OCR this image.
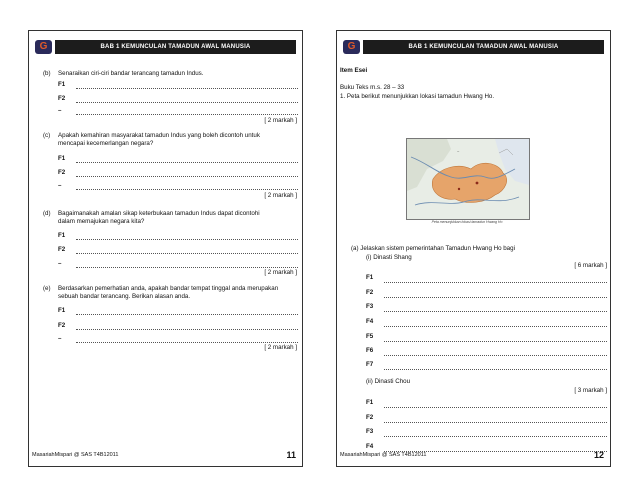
G	BAB 1 KEMUNCULAN TAMADUN AWAL MANUSIA
(b) Senaraikan ciri-ciri bandar terancang tamadun Indus.
F1
F2
–
[ 2 markah ]
(c) Apakah kemahiran masyarakat tamadun Indus yang boleh dicontoh untuk mencapai kecemerlangan negara?
F1
F2
–
[ 2 markah ]
(d) Bagaimanakah amalan sikap keterbukaan tamadun Indus dapat dicontohi dalam memajukan negara kita?
F1
F2
–
[ 2 markah ]
(e) Berdasarkan pemerhatian anda, apakah bandar tempat tinggal anda merupakan sebuah bandar terancang. Berikan alasan anda.
F1
F2
–
[ 2 markah ]
MasariahMispari @ SAS T4B12011	11
G	BAB 1 KEMUNCULAN TAMADUN AWAL MANUSIA
Item Esei
Buku Teks m.s. 28 – 33
1. Peta berikut menunjukkan lokasi tamadun Hwang Ho.
~
Peta menunjukkan lokasi tamadun Hwang Ho
(a) Jelaskan sistem pemerintahan Tamadun Hwang Ho bagi
(i) Dinasti Shang
[ 6 markah ]
F1
F2
F3
F4
F5
F6
F7
(ii) Dinasti Chou
[ 3 markah ]
F1
F2
F3
F4
MasariahMispari @ SAS T4B12011	12
